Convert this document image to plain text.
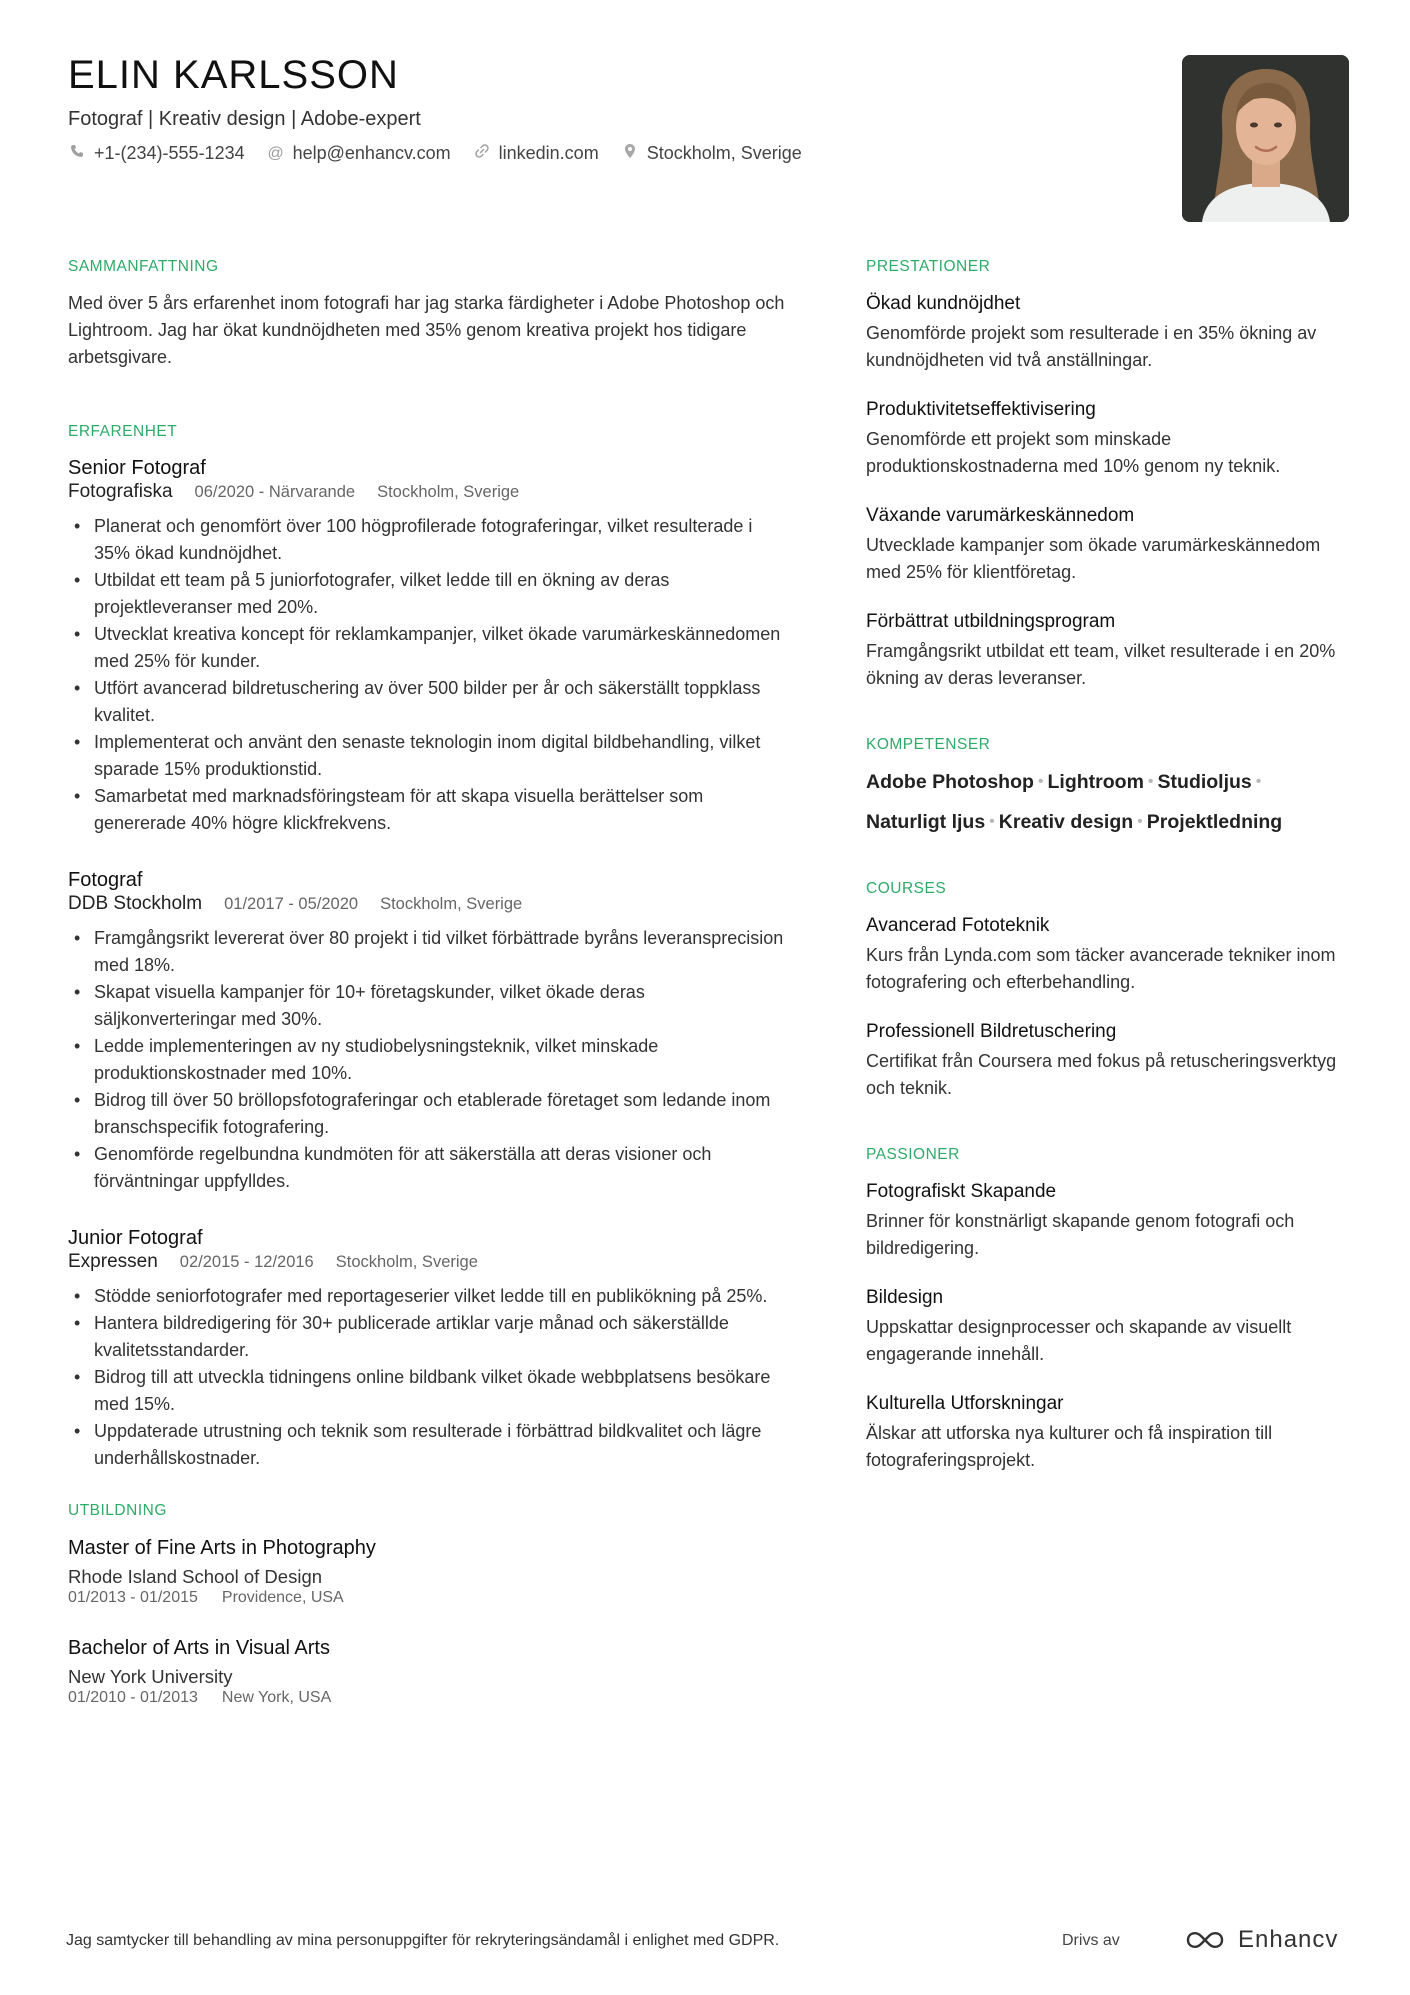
ELIN KARLSSON
Fotograf | Kreativ design | Adobe-expert
+1-(234)-555-1234 @ help@enhancv.com	linkedin.com	Stockholm, Sverige
SAMMANFATTNING
Med över 5 års erfarenhet inom fotografi har jag starka färdigheter i Adobe Photoshop och Lightroom. Jag har ökat kundnöjdheten med 35% genom kreativa projekt hos tidigare arbetsgivare.
ERFARENHET
Senior Fotograf
Fotografiska 06/2020 - Närvarande Stockholm, Sverige
• Planerat och genomfört över 100 högprofilerade fotograferingar, vilket resulterade i 35% ökad kundnöjdhet.
• Utbildat ett team på 5 juniorfotografer, vilket ledde till en ökning av deras projektleveranser med 20%.
• Utvecklat kreativa koncept för reklamkampanjer, vilket ökade varumärkeskännedomen med 25% för kunder.
• Utfört avancerad bildretuschering av över 500 bilder per år och säkerställt toppklass kvalitet.
• Implementerat och använt den senaste teknologin inom digital bildbehandling, vilket sparade 15% produktionstid.
• Samarbetat med marknadsföringsteam för att skapa visuella berättelser som genererade 40% högre klickfrekvens.
Fotograf
DDB Stockholm 01/2017 - 05/2020 Stockholm, Sverige
• Framgångsrikt levererat över 80 projekt i tid vilket förbättrade byråns leveransprecision med 18%.
• Skapat visuella kampanjer för 10+ företagskunder, vilket ökade deras säljkonverteringar med 30%.
• Ledde implementeringen av ny studiobelysningsteknik, vilket minskade produktionskostnader med 10%.
• Bidrog till över 50 bröllopsfotograferingar och etablerade företaget som ledande inom branschspecifik fotografering.
• Genomförde regelbundna kundmöten för att säkerställa att deras visioner och förväntningar uppfylldes.
Junior Fotograf
Expressen 02/2015 - 12/2016 Stockholm, Sverige
• Stödde seniorfotografer med reportageserier vilket ledde till en publikökning på 25%.
• Hantera bildredigering för 30+ publicerade artiklar varje månad och säkerställde kvalitetsstandarder.
• Bidrog till att utveckla tidningens online bildbank vilket ökade webbplatsens besökare med 15%.
• Uppdaterade utrustning och teknik som resulterade i förbättrad bildkvalitet och lägre underhållskostnader.
UTBILDNING
Master of Fine Arts in Photography
Rhode Island School of Design
01/2013 - 01/2015 Providence, USA
Bachelor of Arts in Visual Arts
New York University
01/2010 - 01/2013 New York, USA
PRESTATIONER
Ökad kundnöjdhet
Genomförde projekt som resulterade i en 35% ökning av kundnöjdheten vid två anställningar.
Produktivitetseffektivisering
Genomförde ett projekt som minskade produktionskostnaderna med 10% genom ny teknik.
Växande varumärkeskännedom
Utvecklade kampanjer som ökade varumärkeskännedom med 25% för klientföretag.
Förbättrat utbildningsprogram
Framgångsrikt utbildat ett team, vilket resulterade i en 20% ökning av deras leveranser.
KOMPETENSER
Adobe Photoshop • Lightroom • Studioljus •
Naturligt ljus • Kreativ design • Projektledning
COURSES
Avancerad Fototeknik
Kurs från Lynda.com som täcker avancerade tekniker inom fotografering och efterbehandling.
Professionell Bildretuschering
Certifikat från Coursera med fokus på retuscheringsverktyg och teknik.
PASSIONER
Fotografiskt Skapande
Brinner för konstnärligt skapande genom fotografi och bildredigering.
Bildesign
Uppskattar designprocesser och skapande av visuellt engagerande innehåll.
Kulturella Utforskningar
Älskar att utforska nya kulturer och få inspiration till fotograferingsprojekt.
Jag samtycker till behandling av mina personuppgifter för rekryteringsändamål i enlighet med GDPR.	Drivs av	Enhancv
